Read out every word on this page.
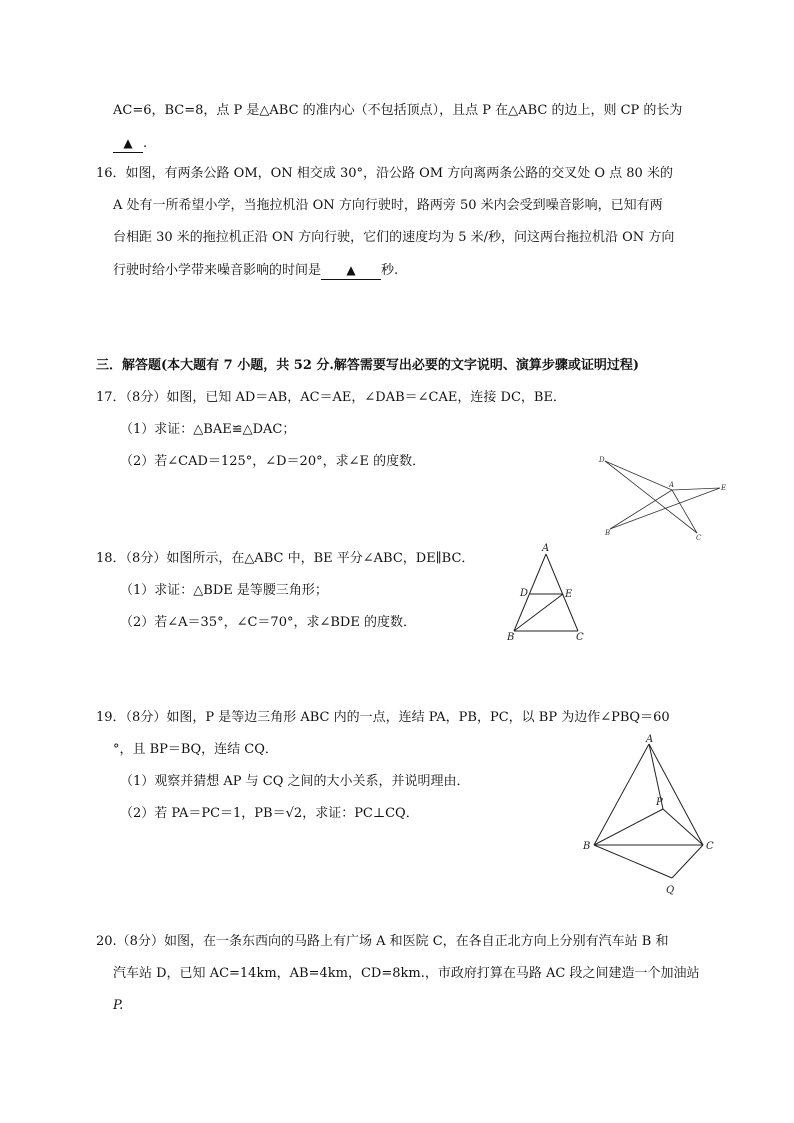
AC=6，BC=8，点 P 是△ABC 的准内心（不包括顶点），且点 P 在△ABC 的边上，则 CP 的长为
▲ .
16．如图，有两条公路 OM，ON 相交成 30°，沿公路 OM 方向离两条公路的交叉处 O 点 80 米的
A 处有一所希望小学，当拖拉机沿 ON 方向行驶时，路两旁 50 米内会受到噪音影响，已知有两
台相距 30 米的拖拉机正沿 ON 方向行驶，它们的速度均为 5 米/秒，问这两台拖拉机沿 ON 方向
行驶时给小学带来噪音影响的时间是 ▲ 秒.
三．解答题(本大题有 7 小题，共 52 分.解答需要写出必要的文字说明、演算步骤或证明过程)
17．（8分）如图，已知 AD＝AB，AC＝AE，∠DAB＝∠CAE，连接 DC，BE．
（1）求证：△BAE≌△DAC；
（2）若∠CAD＝125°，∠D＝20°，求∠E 的度数．	D
A	E
B
C
18．（8分）如图所示，在△ABC 中，BE 平分∠ABC，DE∥BC．
（1）求证：△BDE 是等腰三角形；
（2）若∠A＝35°，∠C＝70°，求∠BDE 的度数．
A
D	E
B	C
19．（8分）如图，P 是等边三角形 ABC 内的一点，连结 PA，PB，PC，以 BP 为边作∠PBQ＝60
°，且 BP＝BQ，连结 CQ．
（1）观察并猜想 AP 与 CQ 之间的大小关系，并说明理由．
（2）若 PA＝PC＝1，PB＝√2，求证：PC⊥CQ．
A
P
B	C
Q
20.（8分）如图，在一条东西向的马路上有广场 A 和医院 C，在各自正北方向上分别有汽车站 B 和
汽车站 D，已知 AC=14km，AB=4km，CD=8km.，市政府打算在马路 AC 段之间建造一个加油站
P.
